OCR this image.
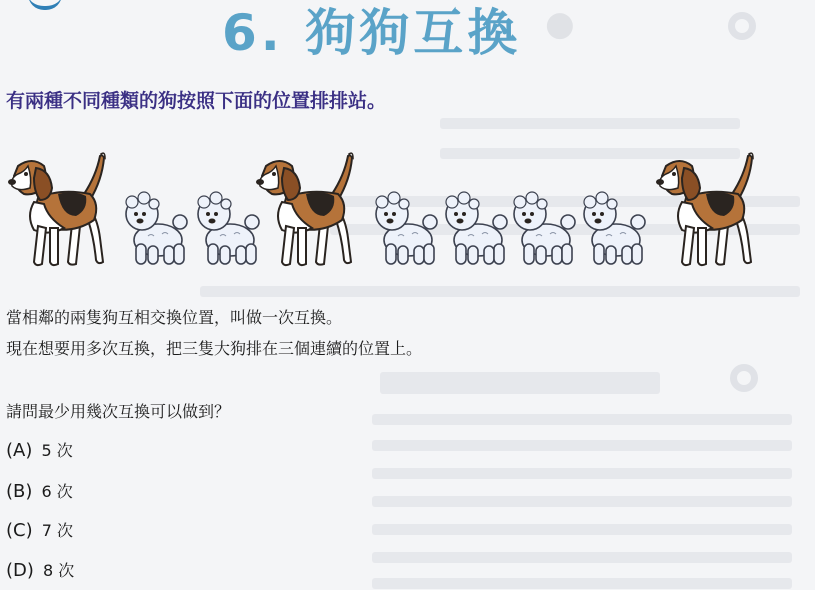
●
6. 狗狗互換
有兩種不同種類的狗按照下面的位置排排站。
當相鄰的兩隻狗互相交換位置，叫做一次互換。
現在想要用多次互換，把三隻大狗排在三個連續的位置上。
請問最少用幾次互換可以做到？
(A) 5 次
(B) 6 次
(C) 7 次
(D) 8 次
